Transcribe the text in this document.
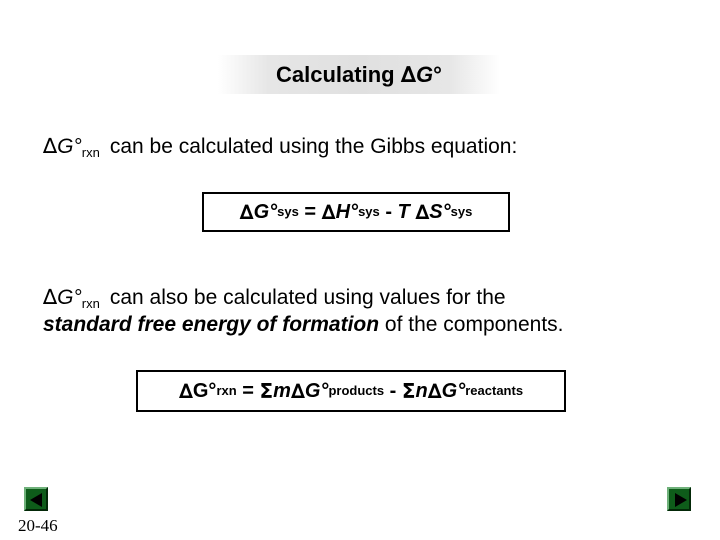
Calculating ∆G°
$\Delta G^\circ_{rxn}$ can be calculated using the Gibbs equation:
∆ G° sys = ∆ H° sys - T
∆ S° sys
$\Delta G^\circ_{rxn}$ can also be calculated using values for the
standard free energy of formation of the components.
∆ G° rxn = Σ m ∆ G° products - Σ n ∆ G° reactants
20-46
